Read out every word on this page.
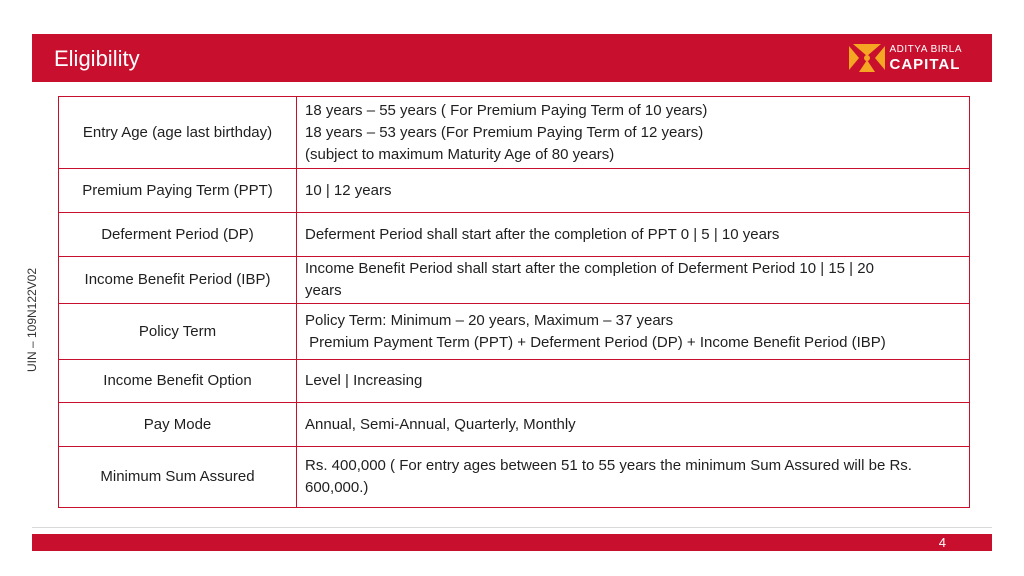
Eligibility	ADITYA BIRLA
CAPITAL
UIN – 109N122V02
Entry Age (age last birthday)	18 years – 55 years ( For Premium Paying Term of 10 years)
18 years – 53 years (For Premium Paying Term of 12 years)
(subject to maximum Maturity Age of 80 years)

Premium Paying Term (PPT)	10 | 12 years

Deferment Period (DP)	Deferment Period shall start after the completion of PPT 0 | 5 | 10 years

Income Benefit Period (IBP)	Income Benefit Period shall start after the completion of Deferment Period 10 | 15 | 20
years

Policy Term	Policy Term: Minimum – 20 years, Maximum – 37 years
Premium Payment Term (PPT) + Deferment Period (DP) + Income Benefit Period (IBP)

Income Benefit Option	Level | Increasing

Pay Mode	Annual, Semi-Annual, Quarterly, Monthly

Minimum Sum Assured	Rs. 400,000 ( For entry ages between 51 to 55 years the minimum Sum Assured will be Rs.
600,000.)
4
